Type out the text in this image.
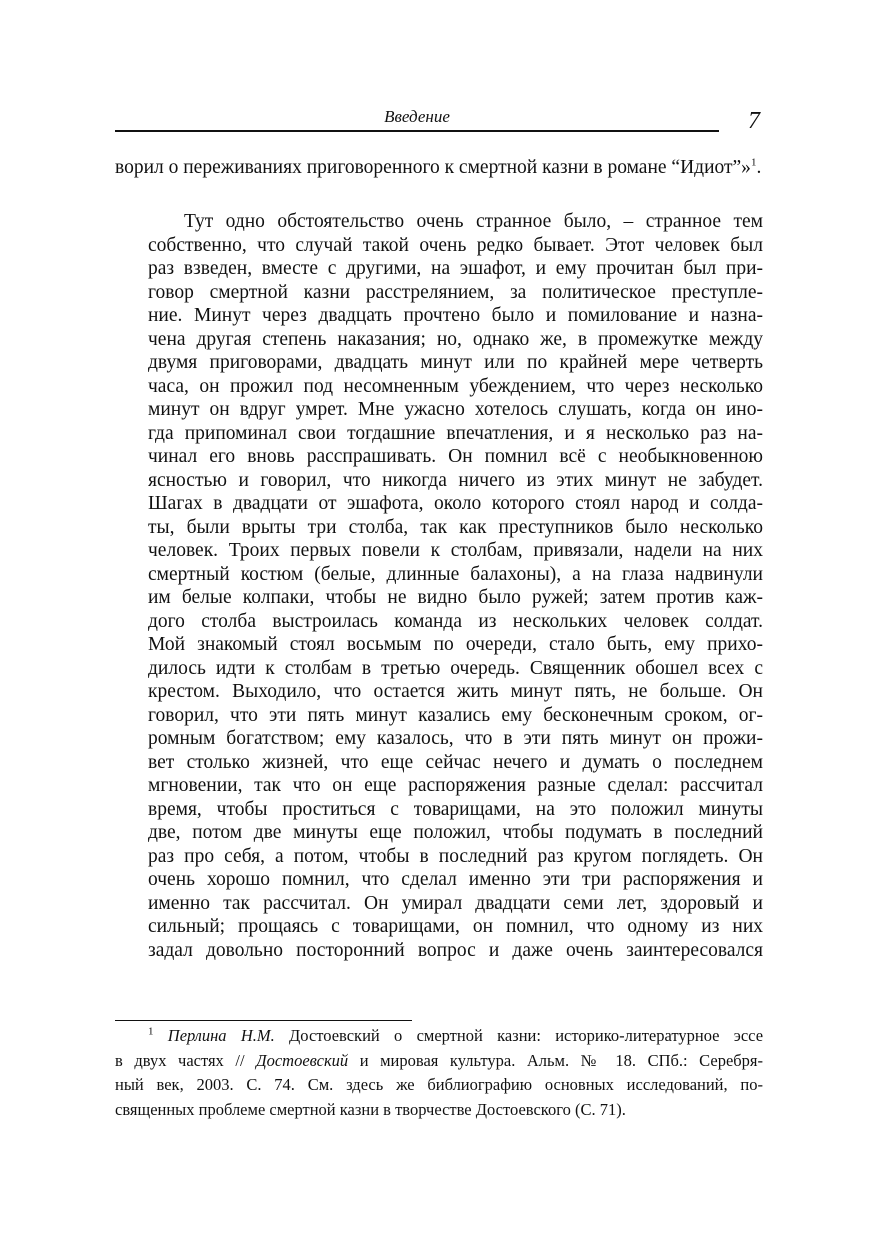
Введение	7

ворил о переживаниях приговоренного к смертной казни в романе “Идиот”»$^1$.

Тут одно обстоятельство очень странное было, – странное тем
собственно, что случай такой очень редко бывает. Этот человек был
раз взведен, вместе с другими, на эшафот, и ему прочитан был при-
говор смертной казни расстрелянием, за политическое преступле-
ние. Минут через двадцать прочтено было и помилование и назна-
чена другая степень наказания; но, однако же, в промежутке между
двумя приговорами, двадцать минут или по крайней мере четверть
часа, он прожил под несомненным убеждением, что через несколько
минут он вдруг умрет. Мне ужасно хотелось слушать, когда он ино-
гда припоминал свои тогдашние впечатления, и я несколько раз на-
чинал его вновь расспрашивать. Он помнил всё с необыкновенною
ясностью и говорил, что никогда ничего из этих минут не забудет.
Шагах в двадцати от эшафота, около которого стоял народ и солда-
ты, были врыты три столба, так как преступников было несколько
человек. Троих первых повели к столбам, привязали, надели на них
смертный костюм (белые, длинные балахоны), а на глаза надвинули
им белые колпаки, чтобы не видно было ружей; затем против каж-
дого столба выстроилась команда из нескольких человек солдат.
Мой знакомый стоял восьмым по очереди, стало быть, ему прихо-
дилось идти к столбам в третью очередь. Священник обошел всех с
крестом. Выходило, что остается жить минут пять, не больше. Он
говорил, что эти пять минут казались ему бесконечным сроком, ог-
ромным богатством; ему казалось, что в эти пять минут он прожи-
вет столько жизней, что еще сейчас нечего и думать о последнем
мгновении, так что он еще распоряжения разные сделал: рассчитал
время, чтобы проститься с товарищами, на это положил минуты
две, потом две минуты еще положил, чтобы подумать в последний
раз про себя, а потом, чтобы в последний раз кругом поглядеть. Он
очень хорошо помнил, что сделал именно эти три распоряжения и
именно так рассчитал. Он умирал двадцати семи лет, здоровый и
сильный; прощаясь с товарищами, он помнил, что одному из них
задал довольно посторонний вопрос и даже очень заинтересовался
$^1$ Перлина Н.М. Достоевский о смертной казни: историко-литературное эссе
в двух частях // Достоевский и мировая культура. Альм. № 18. СПб.: Серебря-
ный век, 2003. С. 74. См. здесь же библиографию основных исследований, по-
священных проблеме смертной казни в творчестве Достоевского (С. 71).
